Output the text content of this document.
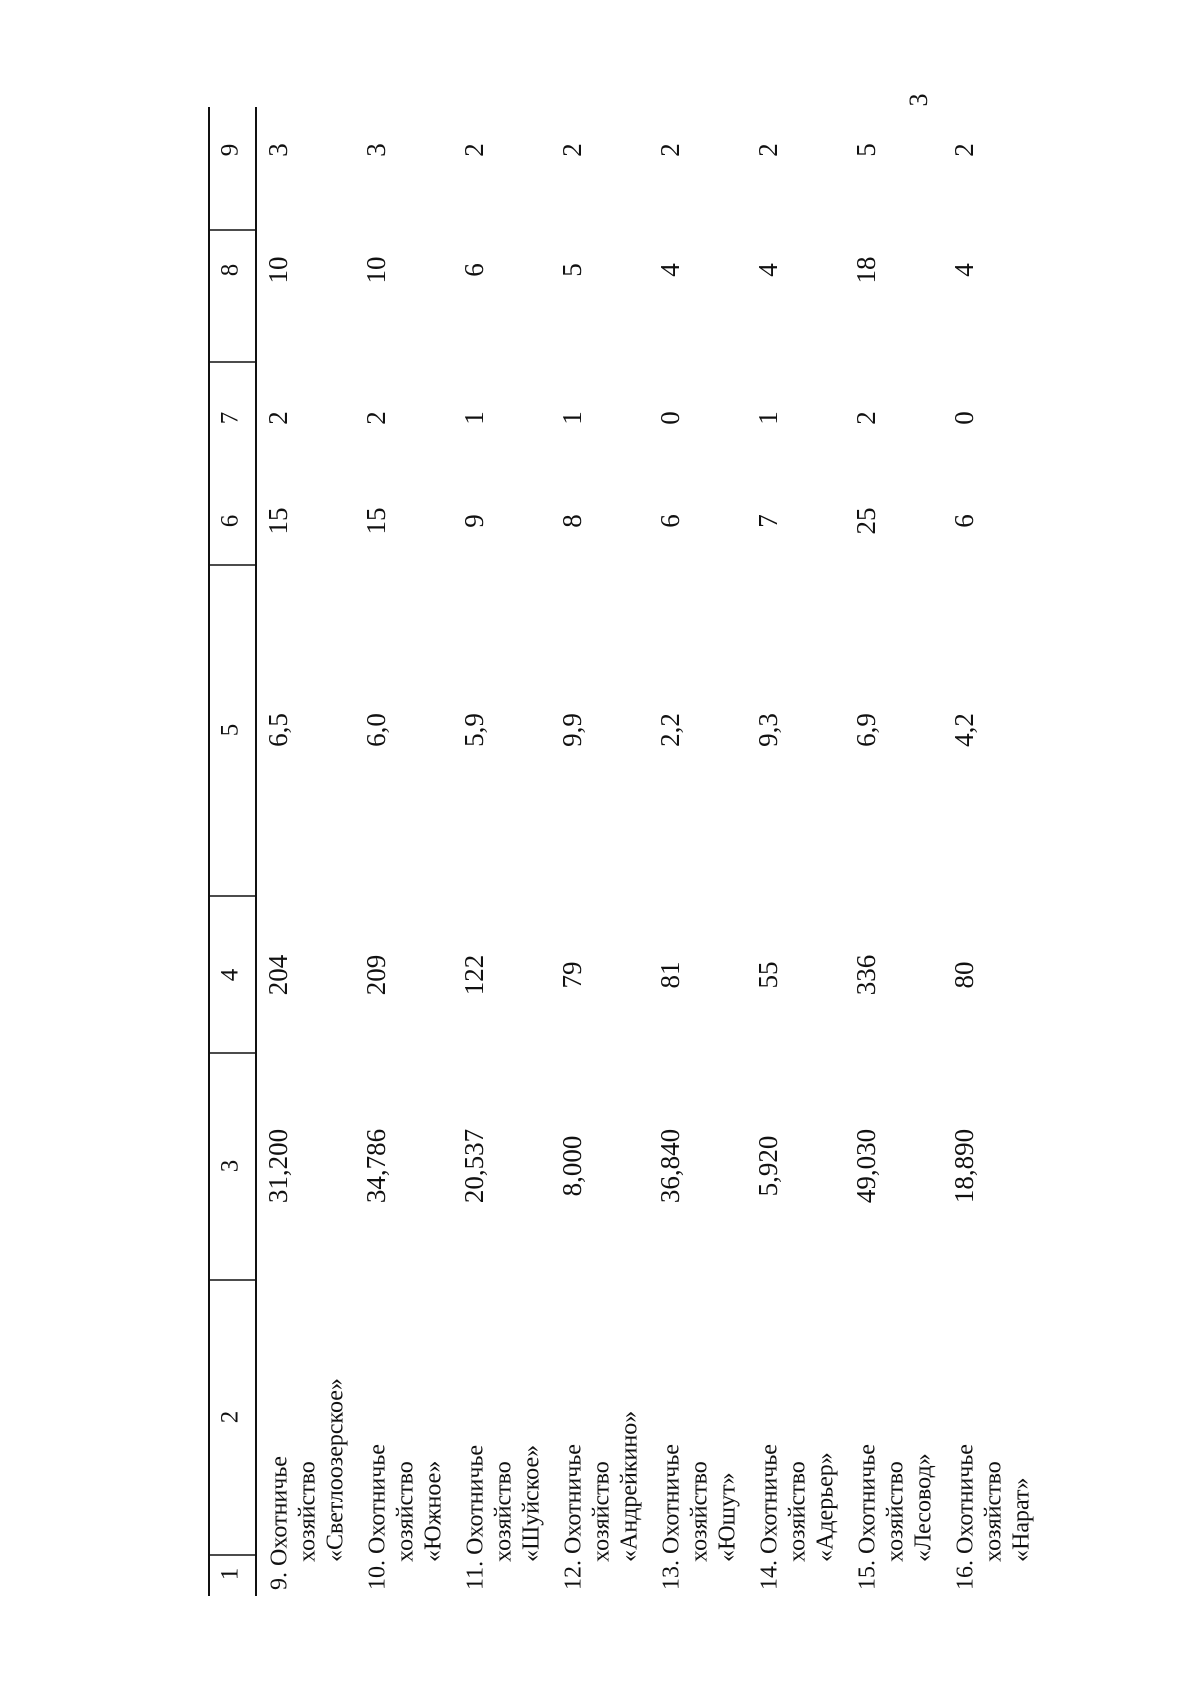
3
1
2
3
4
5
6
7
8
9
9. Охотничье хозяйство «Светлоозерское»
31,200
204
6,5
15
2
10
3
10. Охотничье хозяйство «Южное»
34,786
209
6,0
15
2
10
3
11. Охотничье хозяйство «Шуйское»
20,537
122
5,9
9
1
6
2
12. Охотничье хозяйство «Андрейкино»
8,000
79
9,9
8
1
5
2
13. Охотничье хозяйство «Юшут»
36,840
81
2,2
6
0
4
2
14. Охотничье хозяйство «Адерьер»
5,920
55
9,3
7
1
4
2
15. Охотничье хозяйство «Лесовод»
49,030
336
6,9
25
2
18
5
16. Охотничье хозяйство «Нарат»
18,890
80
4,2
6
0
4
2
